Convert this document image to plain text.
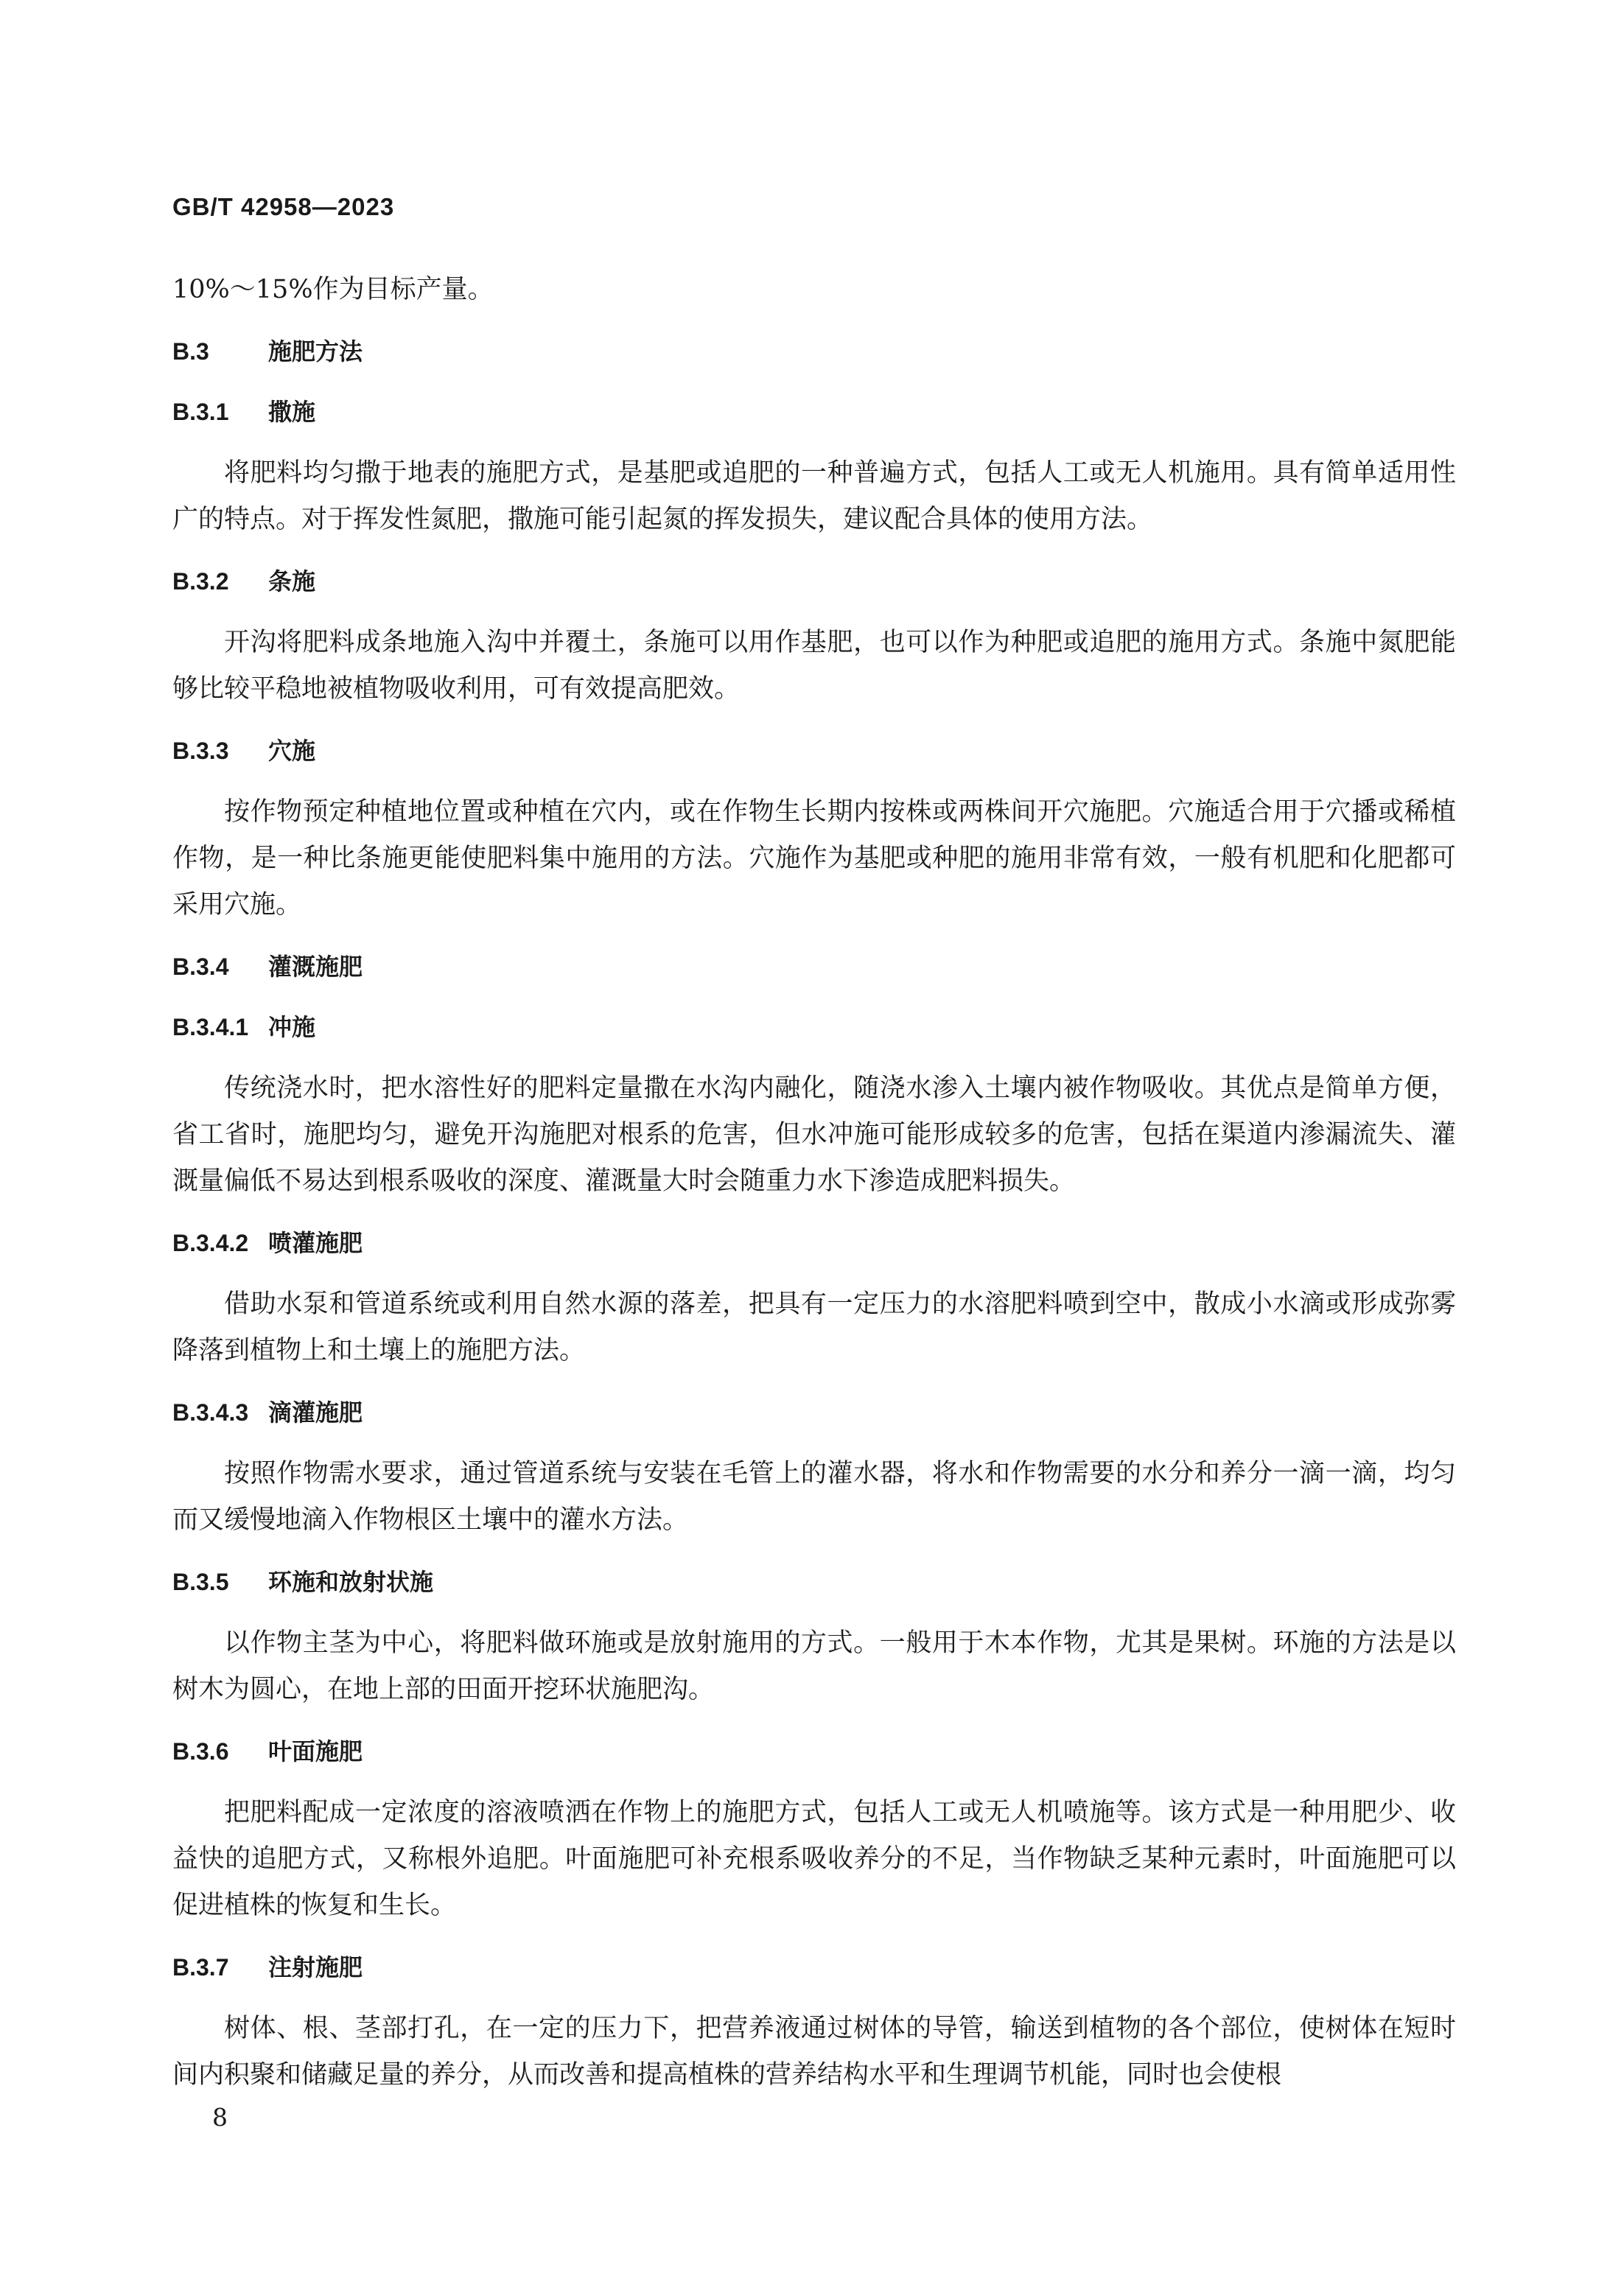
GB/T 42958—2023

10%～15%作为目标产量。

B.3	施肥方法
B.3.1 撒施

将肥料均匀撒于地表的施肥方式，是基肥或追肥的一种普遍方式，包括人工或无人机施用。具有简单适用性广的特点。对于挥发性氮肥，撒施可能引起氮的挥发损失，建议配合具体的使用方法。

B.3.2 条施

开沟将肥料成条地施入沟中并覆土，条施可以用作基肥，也可以作为种肥或追肥的施用方式。条施中氮肥能够比较平稳地被植物吸收利用，可有效提高肥效。

B.3.3 穴施

按作物预定种植地位置或种植在穴内，或在作物生长期内按株或两株间开穴施肥。穴施适合用于穴播或稀植作物，是一种比条施更能使肥料集中施用的方法。穴施作为基肥或种肥的施用非常有效，一般有机肥和化肥都可采用穴施。

B.3.4 灌溉施肥
B.3.4.1 冲施

传统浇水时，把水溶性好的肥料定量撒在水沟内融化，随浇水渗入土壤内被作物吸收。其优点是简单方便，省工省时，施肥均匀，避免开沟施肥对根系的危害，但水冲施可能形成较多的危害，包括在渠道内渗漏流失、灌溉量偏低不易达到根系吸收的深度、灌溉量大时会随重力水下渗造成肥料损失。

B.3.4.2 喷灌施肥

借助水泵和管道系统或利用自然水源的落差，把具有一定压力的水溶肥料喷到空中，散成小水滴或形成弥雾降落到植物上和土壤上的施肥方法。

B.3.4.3 滴灌施肥

按照作物需水要求，通过管道系统与安装在毛管上的灌水器，将水和作物需要的水分和养分一滴一滴，均匀而又缓慢地滴入作物根区土壤中的灌水方法。

B.3.5 环施和放射状施

以作物主茎为中心，将肥料做环施或是放射施用的方式。一般用于木本作物，尤其是果树。环施的方法是以树木为圆心，在地上部的田面开挖环状施肥沟。

B.3.6 叶面施肥

把肥料配成一定浓度的溶液喷洒在作物上的施肥方式，包括人工或无人机喷施等。该方式是一种用肥少、收益快的追肥方式，又称根外追肥。叶面施肥可补充根系吸收养分的不足，当作物缺乏某种元素时，叶面施肥可以促进植株的恢复和生长。

B.3.7 注射施肥

树体、根、茎部打孔，在一定的压力下，把营养液通过树体的导管，输送到植物的各个部位，使树体在短时间内积聚和储藏足量的养分，从而改善和提高植株的营养结构水平和生理调节机能，同时也会使根

8
